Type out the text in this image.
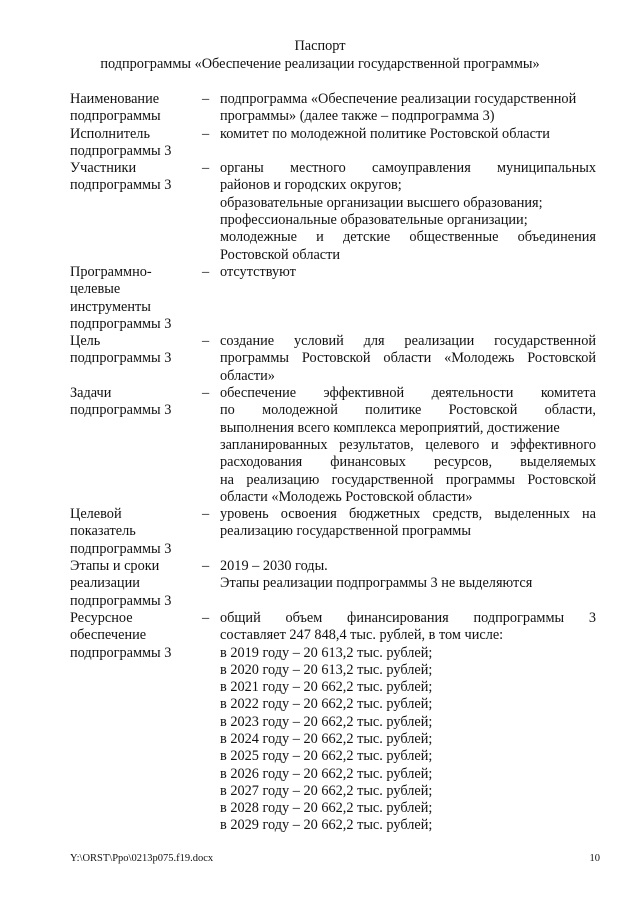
Паспорт
подпрограммы «Обеспечение реализации государственной программы»
Наименование
подпрограммы
– подпрограмма «Обеспечение реализации государственной
программы» (далее также – подпрограмма 3)
Исполнитель
подпрограммы 3
– комитет по молодежной политике Ростовской области
Участники
подпрограммы 3
– органы местного самоуправления муниципальных
районов и городских округов;
образовательные организации высшего образования;
профессиональные образовательные организации;
молодежные и детские общественные объединения
Ростовской области
Программно-
целевые
инструменты
подпрограммы 3
– отсутствуют
Цель
подпрограммы 3
– создание условий для реализации государственной
программы Ростовской области «Молодежь Ростовской
области»
Задачи
подпрограммы 3
– обеспечение эффективной деятельности комитета
по молодежной политике Ростовской области,
выполнения всего комплекса мероприятий, достижение
запланированных результатов, целевого и эффективного
расходования финансовых ресурсов, выделяемых
на реализацию государственной программы Ростовской
области «Молодежь Ростовской области»
Целевой
показатель
подпрограммы 3
– уровень освоения бюджетных средств, выделенных на
реализацию государственной программы
Этапы и сроки
реализации
подпрограммы 3
– 2019 – 2030 годы.
Этапы реализации подпрограммы 3 не выделяются
Ресурсное
обеспечение
подпрограммы 3
– общий объем финансирования подпрограммы 3
составляет 247 848,4 тыс. рублей, в том числе:
в 2019 году – 20 613,2 тыс. рублей;
в 2020 году – 20 613,2 тыс. рублей;
в 2021 году – 20 662,2 тыс. рублей;
в 2022 году – 20 662,2 тыс. рублей;
в 2023 году – 20 662,2 тыс. рублей;
в 2024 году – 20 662,2 тыс. рублей;
в 2025 году – 20 662,2 тыс. рублей;
в 2026 году – 20 662,2 тыс. рублей;
в 2027 году – 20 662,2 тыс. рублей;
в 2028 году – 20 662,2 тыс. рублей;
в 2029 году – 20 662,2 тыс. рублей;
Y:\ORST\Ppo\0213p075.f19.docx	10
